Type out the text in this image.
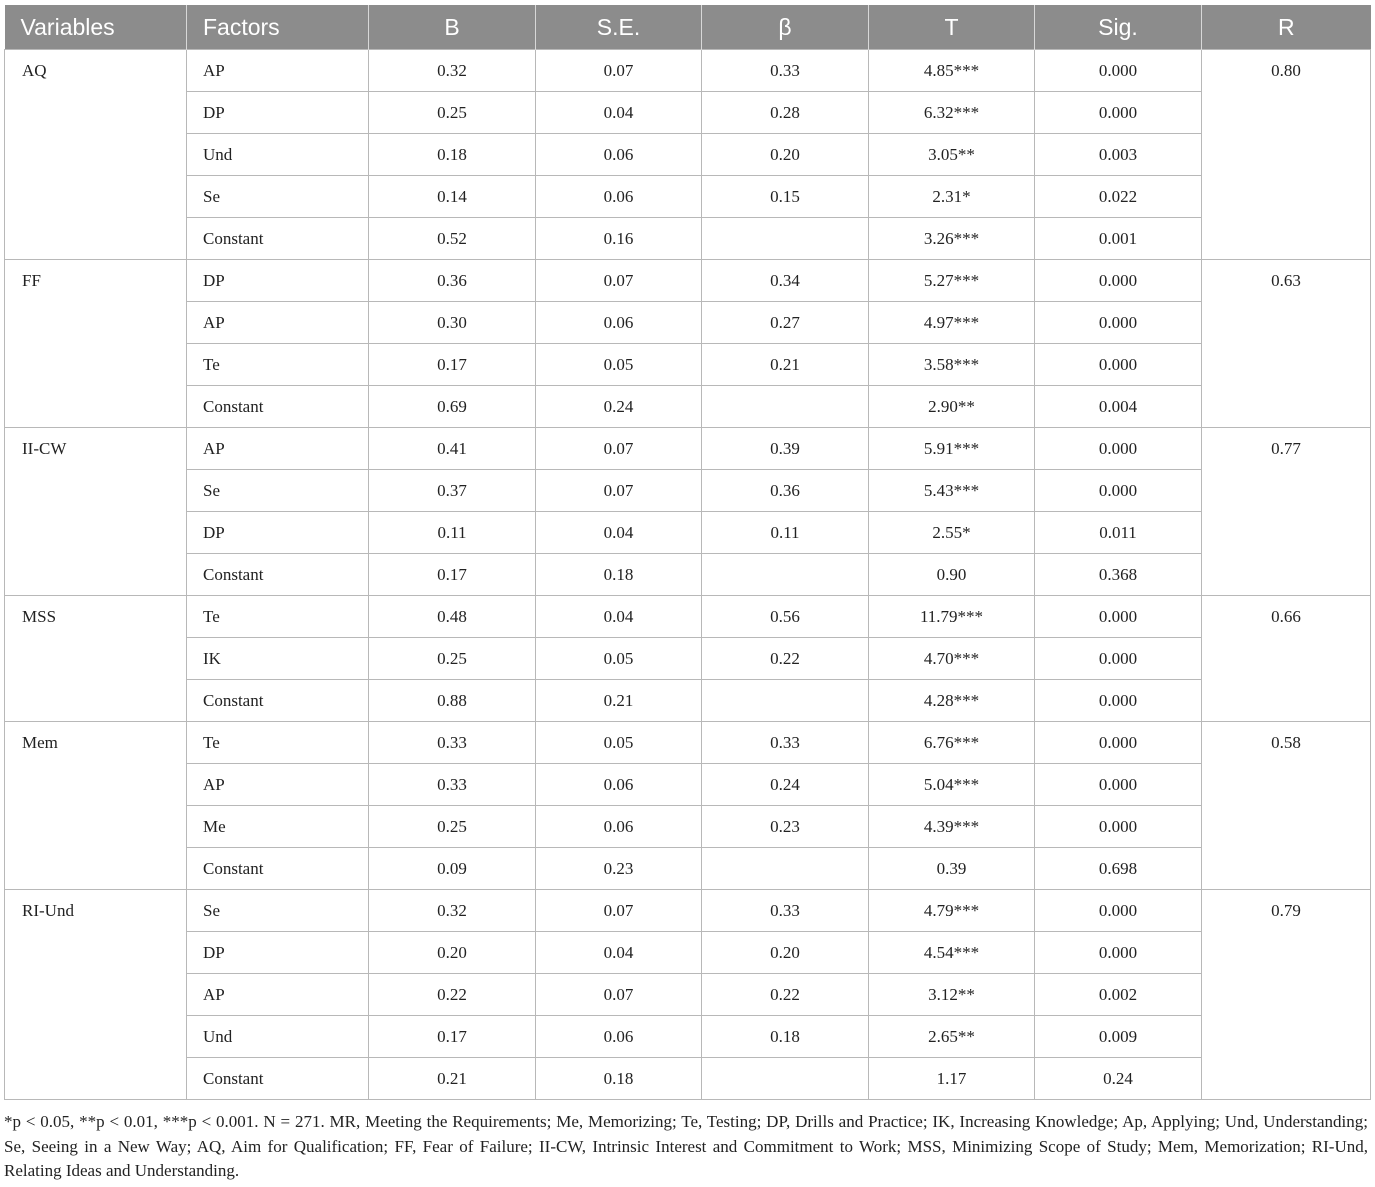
Variables	Factors	B	S.E.	β	T	Sig.	R
AQ	AP	0.32	0.07	0.33	4.85***	0.000	0.80
	DP	0.25	0.04	0.28	6.32***	0.000	
	Und	0.18	0.06	0.20	3.05**	0.003	
	Se	0.14	0.06	0.15	2.31*	0.022	
	Constant	0.52	0.16		3.26***	0.001	
FF	DP	0.36	0.07	0.34	5.27***	0.000	0.63
	AP	0.30	0.06	0.27	4.97***	0.000	
	Te	0.17	0.05	0.21	3.58***	0.000	
	Constant	0.69	0.24		2.90**	0.004	
II-CW	AP	0.41	0.07	0.39	5.91***	0.000	0.77
	Se	0.37	0.07	0.36	5.43***	0.000	
	DP	0.11	0.04	0.11	2.55*	0.011	
	Constant	0.17	0.18		0.90	0.368	
MSS	Te	0.48	0.04	0.56	11.79***	0.000	0.66
	IK	0.25	0.05	0.22	4.70***	0.000	
	Constant	0.88	0.21		4.28***	0.000	
Mem	Te	0.33	0.05	0.33	6.76***	0.000	0.58
	AP	0.33	0.06	0.24	5.04***	0.000	
	Me	0.25	0.06	0.23	4.39***	0.000	
	Constant	0.09	0.23		0.39	0.698	
RI-Und	Se	0.32	0.07	0.33	4.79***	0.000	0.79
	DP	0.20	0.04	0.20	4.54***	0.000	
	AP	0.22	0.07	0.22	3.12**	0.002	
	Und	0.17	0.06	0.18	2.65**	0.009	
	Constant	0.21	0.18		1.17	0.24	

*p < 0.05, **p < 0.01, ***p < 0.001. N = 271. MR, Meeting the Requirements; Me, Memorizing; Te, Testing; DP, Drills and Practice; IK, Increasing Knowledge; Ap, Applying; Und, Understanding; Se, Seeing in a New Way; AQ, Aim for Qualification; FF, Fear of Failure; II-CW, Intrinsic Interest and Commitment to Work; MSS, Minimizing Scope of Study; Mem, Memorization; RI-Und, Relating Ideas and Understanding.
